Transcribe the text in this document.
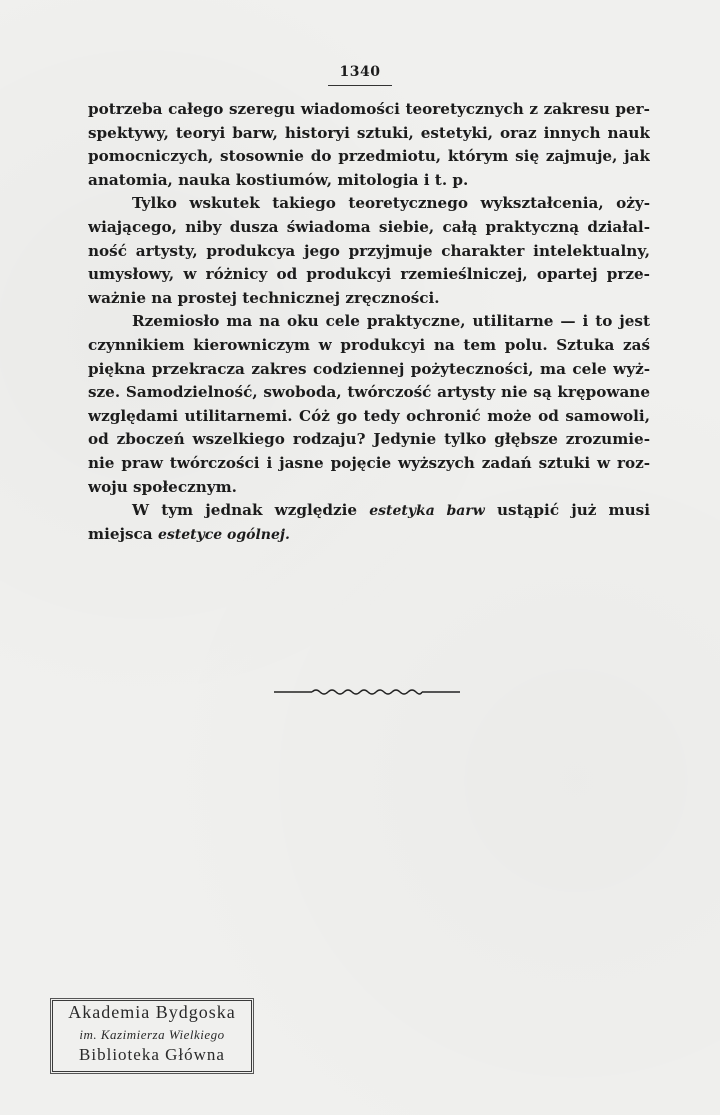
1340
potrzeba całego szeregu wiadomości teoretycznych z zakresu per-
spektywy, teoryi barw, historyi sztuki, estetyki, oraz innych nauk
pomocniczych, stosownie do przedmiotu, którym się zajmuje, jak
anatomia, nauka kostiumów, mitologia i t. p.
Tylko wskutek takiego teoretycznego wykształcenia, oży-
wiającego, niby dusza świadoma siebie, całą praktyczną działal-
ność artysty, produkcya jego przyjmuje charakter intelektualny,
umysłowy, w różnicy od produkcyi rzemieślniczej, opartej prze-
ważnie na prostej technicznej zręczności.
Rzemiosło ma na oku cele praktyczne, utilitarne — i to jest
czynnikiem kierowniczym w produkcyi na tem polu. Sztuka zaś
piękna przekracza zakres codziennej pożyteczności, ma cele wyż-
sze. Samodzielność, swoboda, twórczość artysty nie są krępowane
względami utilitarnemi. Cóż go tedy ochronić może od samowoli,
od zboczeń wszelkiego rodzaju? Jedynie tylko głębsze zrozumie-
nie praw twórczości i jasne pojęcie wyższych zadań sztuki w roz-
woju społecznym.
W tym jednak względzie estetyka barw ustąpić już musi
miejsca estetyce ogólnej.
Akademia Bydgoska
im. Kazimierza Wielkiego
Biblioteka Główna
